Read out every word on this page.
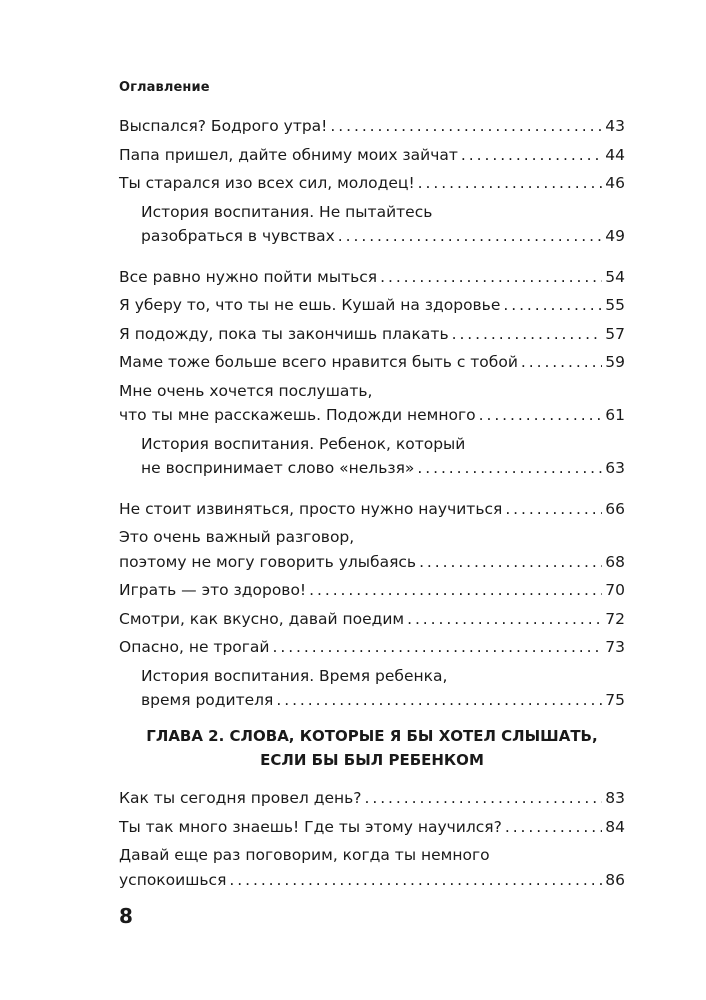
Оглавление
Выспался? Бодрого утра! . . .	43
Папа пришел, дайте обниму моих зайчат . . .	44
Ты старался изо всех сил, молодец! . . .	46
История воспитания. Не пытайтесь
разобраться в чувствах . . .	49
Все равно нужно пойти мыться . . .	54
Я уберу то, что ты не ешь. Кушай на здоровье . . .	55
Я подожду, пока ты закончишь плакать . . .	57
Маме тоже больше всего нравится быть с тобой . . .	59
Мне очень хочется послушать,
что ты мне расскажешь. Подожди немного . . .	61
История воспитания. Ребенок, который
не воспринимает слово «нельзя» . . .	63
Не стоит извиняться, просто нужно научиться . . .	66
Это очень важный разговор,
поэтому не могу говорить улыбаясь . . .	68
Играть — это здорово! . . .	70
Смотри, как вкусно, давай поедим . . .	72
Опасно, не трогай . . .	73
История воспитания. Время ребенка,
время родителя . . .	75
ГЛАВА 2. СЛОВА, КОТОРЫЕ Я БЫ ХОТЕЛ СЛЫШАТЬ,
ЕСЛИ БЫ БЫЛ РЕБЕНКОМ
Как ты сегодня провел день? . . .	83
Ты так много знаешь! Где ты этому научился? . . .	84
Давай еще раз поговорим, когда ты немного
успокоишься . . .	86
8
